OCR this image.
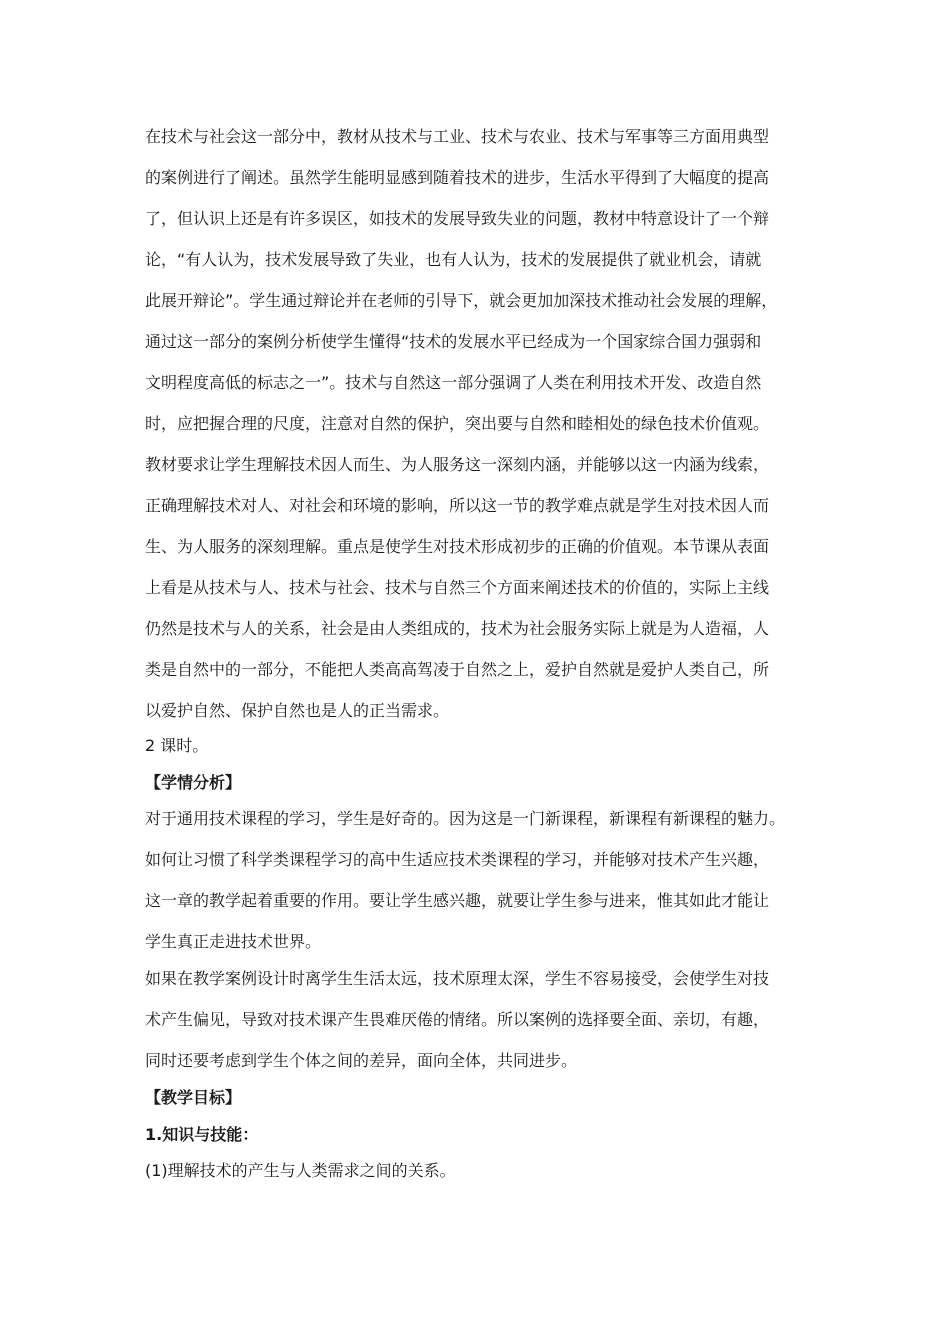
在技术与社会这一部分中，教材从技术与工业、技术与农业、技术与军事等三方面用典型
的案例进行了阐述。虽然学生能明显感到随着技术的进步，生活水平得到了大幅度的提高
了，但认识上还是有许多误区，如技术的发展导致失业的问题，教材中特意设计了一个辩
论，“有人认为，技术发展导致了失业，也有人认为，技术的发展提供了就业机会，请就
此展开辩论”。学生通过辩论并在老师的引导下，就会更加加深技术推动社会发展的理解，
通过这一部分的案例分析使学生懂得“技术的发展水平已经成为一个国家综合国力强弱和
文明程度高低的标志之一”。技术与自然这一部分强调了人类在利用技术开发、改造自然
时，应把握合理的尺度，注意对自然的保护，突出要与自然和睦相处的绿色技术价值观。
教材要求让学生理解技术因人而生、为人服务这一深刻内涵，并能够以这一内涵为线索，
正确理解技术对人、对社会和环境的影响，所以这一节的教学难点就是学生对技术因人而
生、为人服务的深刻理解。重点是使学生对技术形成初步的正确的价值观。本节课从表面
上看是从技术与人、技术与社会、技术与自然三个方面来阐述技术的价值的，实际上主线
仍然是技术与人的关系，社会是由人类组成的，技术为社会服务实际上就是为人造福，人
类是自然中的一部分，不能把人类高高驾凌于自然之上，爱护自然就是爱护人类自己，所
以爱护自然、保护自然也是人的正当需求。
2 课时。
【学情分析】
对于通用技术课程的学习，学生是好奇的。因为这是一门新课程，新课程有新课程的魅力。
如何让习惯了科学类课程学习的高中生适应技术类课程的学习，并能够对技术产生兴趣，
这一章的教学起着重要的作用。要让学生感兴趣，就要让学生参与进来，惟其如此才能让
学生真正走进技术世界。
如果在教学案例设计时离学生生活太远，技术原理太深，学生不容易接受，会使学生对技
术产生偏见，导致对技术课产生畏难厌倦的情绪。所以案例的选择要全面、亲切，有趣，
同时还要考虑到学生个体之间的差异，面向全体，共同进步。
【教学目标】
1.知识与技能：
(1)理解技术的产生与人类需求之间的关系。
